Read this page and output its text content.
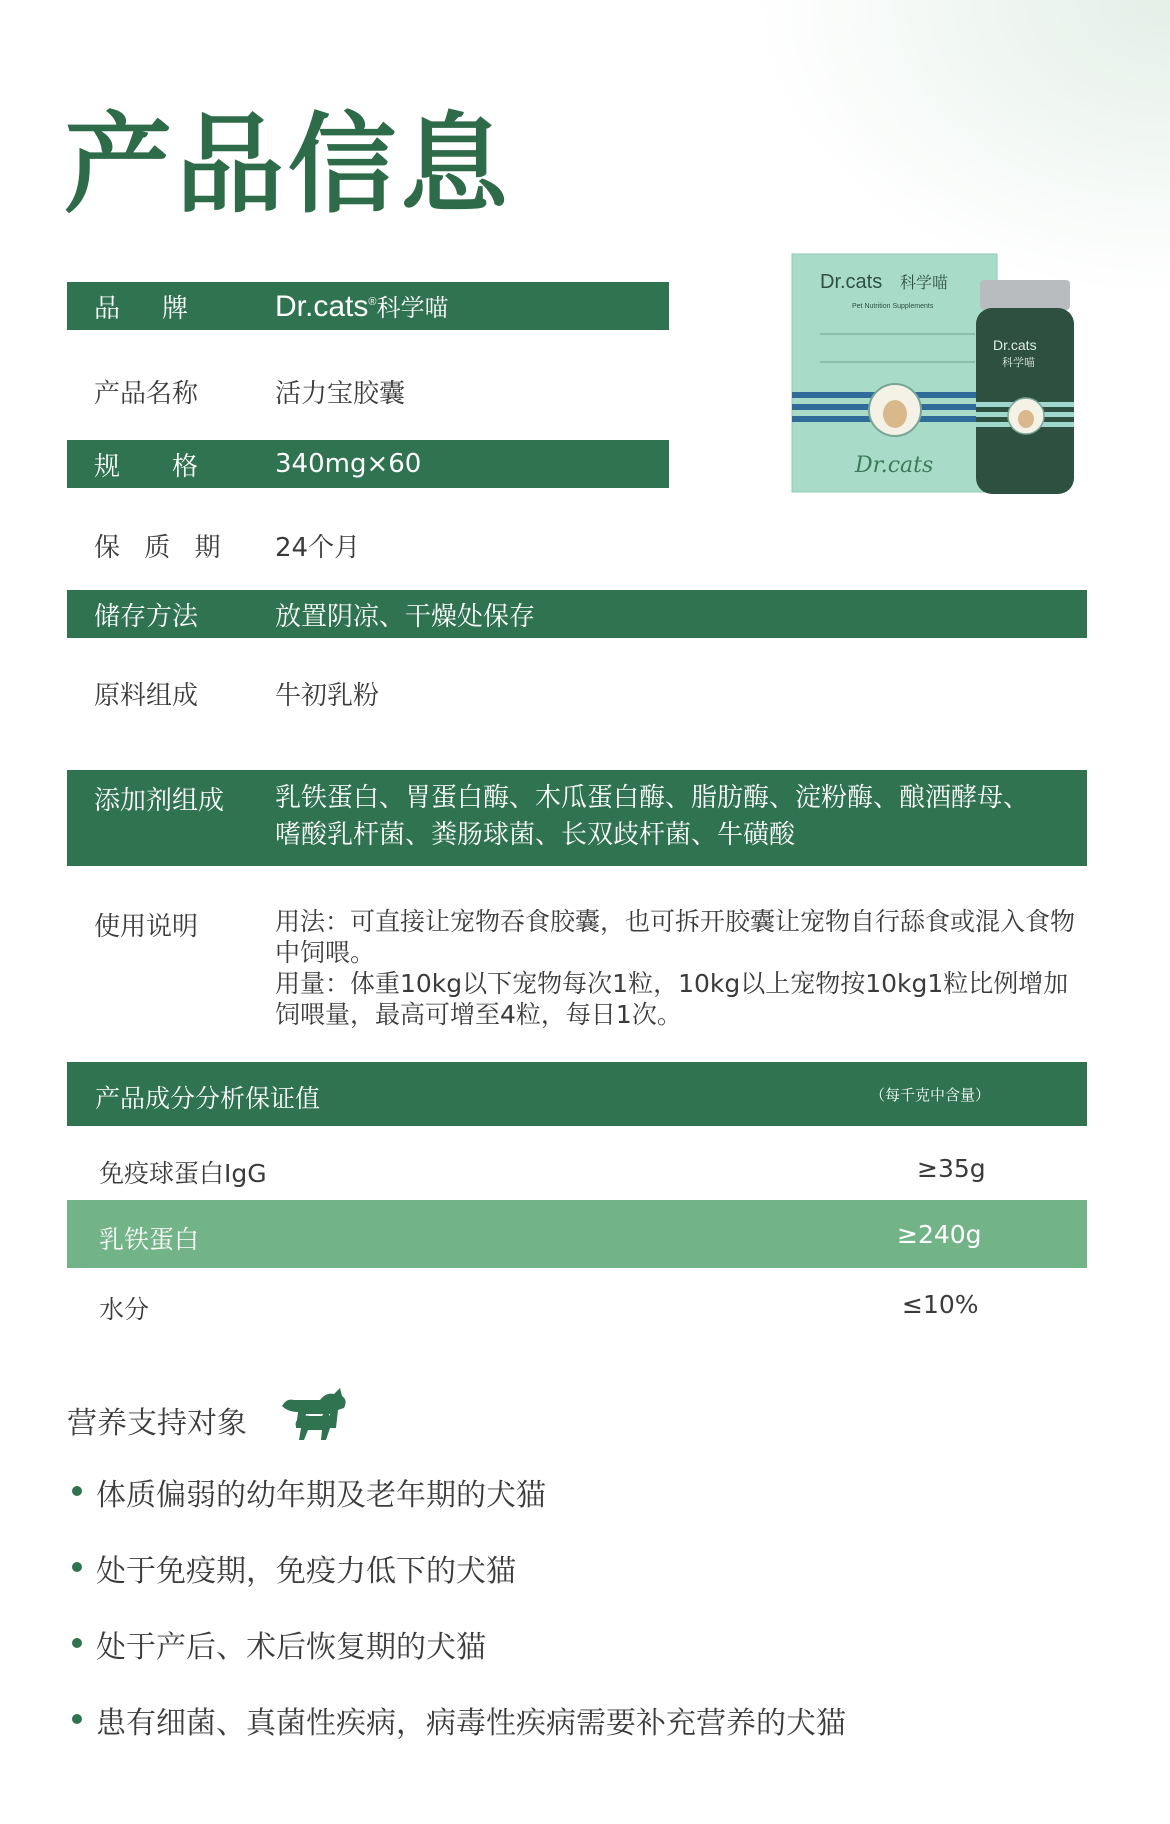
产品信息
Dr.cats 科学喵
Pet Nutrition Supplements
Dr.cats
Dr.cats
科学喵
品　牌	Dr.cats®科学喵
产品名称	活力宝胶囊
规　　格	340mg×60
保 质 期 24个月
储存方法	放置阴凉、干燥处保存
原料组成	牛初乳粉
添加剂组成 乳铁蛋白、胃蛋白酶、木瓜蛋白酶、脂肪酶、淀粉酶、酿酒酵母、嗜酸乳杆菌、粪肠球菌、长双歧杆菌、牛磺酸
使用说明	用法：可直接让宠物吞食胶囊，也可拆开胶囊让宠物自行舔食或混入食物中饲喂。
用量：体重10kg以下宠物每次1粒，10kg以上宠物按10kg1粒比例增加饲喂量，最高可增至4粒，每日1次。
产品成分分析保证值	（每千克中含量）
免疫球蛋白IgG	≥35g
乳铁蛋白	≥240g
水分	≤10%
营养支持对象
体质偏弱的幼年期及老年期的犬猫
处于免疫期，免疫力低下的犬猫
处于产后、术后恢复期的犬猫
患有细菌、真菌性疾病，病毒性疾病需要补充营养的犬猫
